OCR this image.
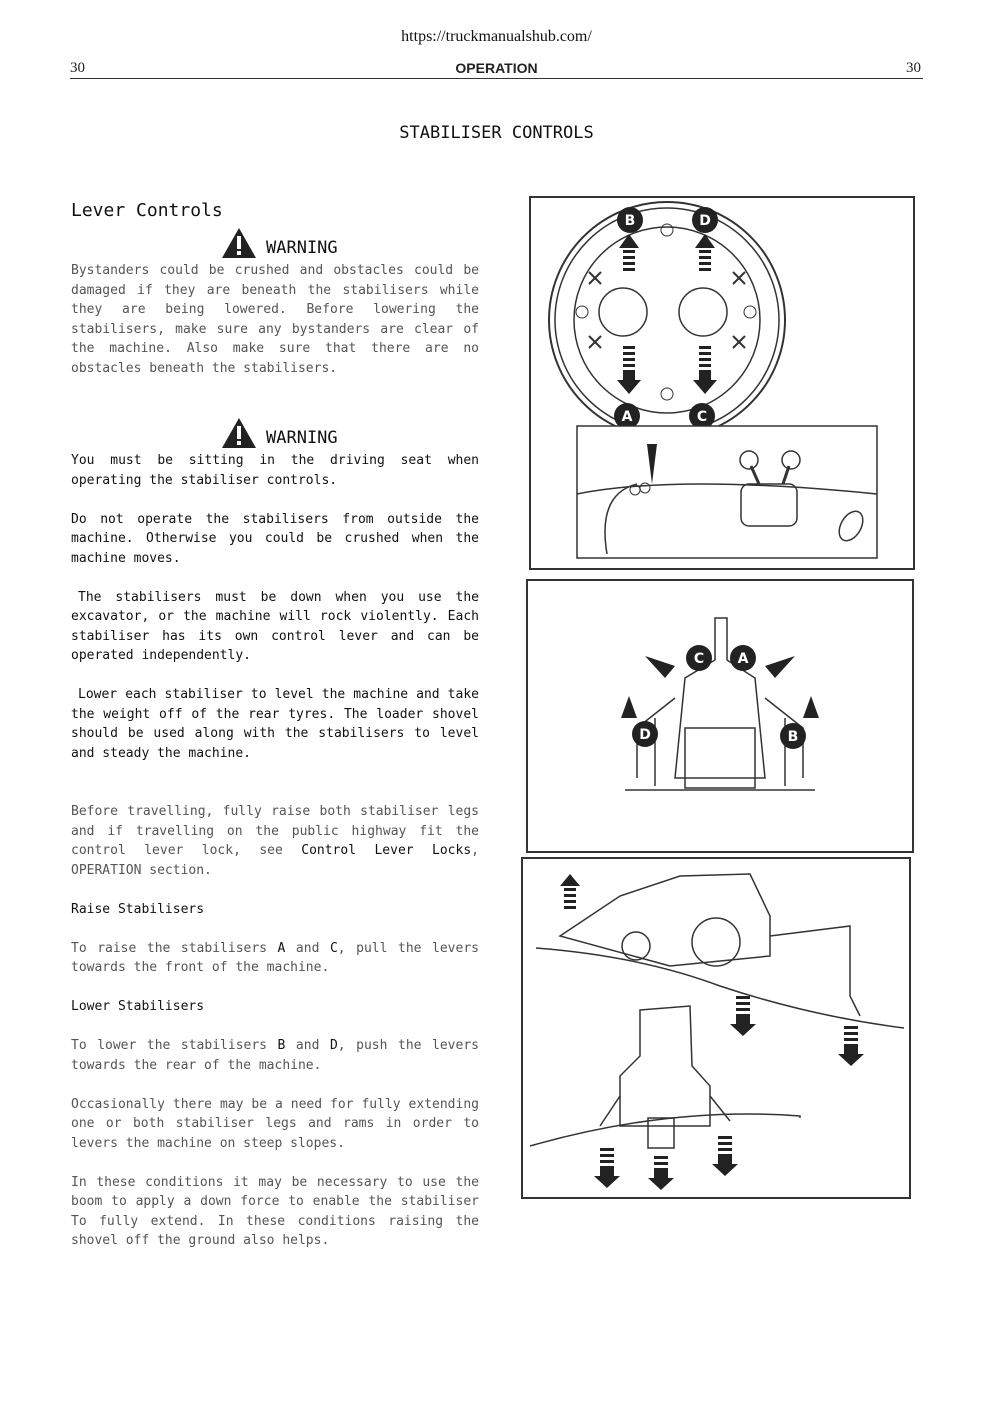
https://truckmanualshub.com/
30	OPERATION	30
STABILISER CONTROLS
Lever Controls
WARNING

Bystanders could be crushed and obstacles could be damaged if they are beneath the stabilisers while they are being lowered. Before lowering the stabilisers, make sure any bystanders are clear of the machine. Also make sure that there are no obstacles beneath the stabilisers.

WARNING

You must be sitting in the driving seat when operating the stabiliser controls.

Do not operate the stabilisers from outside the machine. Otherwise you could be crushed when the machine moves.

The stabilisers must be down when you use the excavator, or the machine will rock violently. Each stabiliser has its own control lever and can be operated independently.

Lower each stabiliser to level the machine and take the weight off of the rear tyres. The loader shovel should be used along with the stabilisers to level and steady the machine.

Before travelling, fully raise both stabiliser legs and if travelling on the public highway fit the control lever lock, see Control Lever Locks, OPERATION section.

Raise Stabilisers

To raise the stabilisers A and C, pull the levers towards the front of the machine.

Lower Stabilisers

To lower the stabilisers B and D, push the levers towards the rear of the machine.

Occasionally there may be a need for fully extending one or both stabiliser legs and rams in order to levers the machine on steep slopes.

In these conditions it may be necessary to use the boom to apply a down force to enable the stabiliser To fully extend. In these conditions raising the shovel off the ground also helps.

B	D
A	C
C A
D	B
